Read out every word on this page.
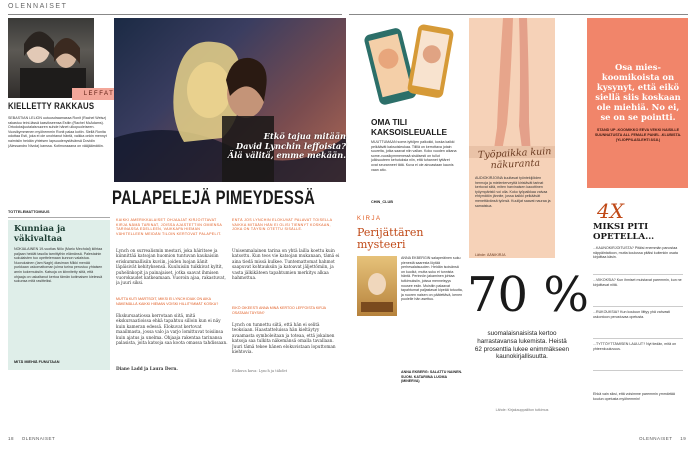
OLENNAISET
LEFFAT
KIELLETTY RAKKAUS
SEBASTIAN LELION uutuusdraamassa Ronit (Rachel Weisz) rakastuu teini-iässä kasvikseensa Estiin (Rachel McAdams). Ortodoksijuutalaisnuoren suhde hänet ulkopuoleiseen. Vuosikymmenen myöhemmin Ronit palaa kotiin. Siellä Ronita odottaa Esti, joka ei ole unohtanut häntä, vaikka onkin mennyt naimisiin heidän yhteisen lapsuudenystävänsä Dovidin (Alessandro Nivola) kanssa. Kotimoraaana on vääjäämätön.
TOTTELEMATTOMUUS
Kunniaa ja väkivaltaa
NOKIALAINEN 19-vuotias Niilo (Mario Mechdal) kiihtaa paljaan heidät tasolla tarnittyihin elämänsä. Palestainin sukulaisten tuo opettelemaan kunnon valaistua. Nuorukainen (Iam Nagh) diasiman Mikki menää purkkaan uskomattoman julma turina perustuu yhtaisen arnin kokemuksiin. Katsoja on kiinnitetty siitä, että ohjaaja on uskaltanut kertoa tämän kotimaisen kielessä sukunsa mitä rasitteiksi.
MITÄ MIEHIÄ FUNUTAAN
Etkö tajua mitään
David Lynchin leffoista?
Älä välitä, emme mekään.
PALAPELEJÄ PIMEYDESSÄ
KAIKKI AMERIKKALAISET OHJAAJAT KIRJOITTAVAT KIRJA NÄMÄ TARINAT, JOISSA AJASTETTIIN OMIENSA TARINASSA EDELLEEN, VAIKKAPA HIEMAN VÄHITELLEEN MEIDÄN TILOIN KERTOVAT PALAPELIT.
Lynch on surrealismin mestari, joka häiritsee ja kiinnittää katsojan huomion tuntuvan kaukaisiin eriskummallisiin kuviin, joiden luojan äänit läpäisivät kehityksensä. Kuuluisiin tuikkivat kyltit, puhelinkopit ja painajaiset, jotka saavat ihmisen vuorokaudet katkeamaan. Vuoroin ajaa, rakastuvat, ja juuri siksi.
MUTTA KUTI MARTSOIT, MIKSI EI LYNCH IDIAK ON AIKA NÄKEMÄLLÄ KAIKKI HIEMAN VOISKI HILLITYMMÄT KOSKA?
Ekskursaatiossa kerrotaan siitä, mitä ekskursaatioissa ehkä tapahtuu silloin kun ei näy kuin kameran edessä. Elokuvat kertovat maailmasta, jossa valo ja varjo lomittuvat toisiinsa kuin ajatus ja unelma. Ohjaaja rakentaa tarinansa palasista, joita katsoja saa koota omassa tahdissaan.
Diane Ladd ja Laura Dern.
ENTÄ JOS LYNCHIN ELOKUVAT PALAVAT TOISELLA VAIKKA MITÄÄN HÄN EI OLISI TIENNYT KOSKAAN, JOKA ON TÄYSIN OTETTU SISÄLLE.
Unisenmalainen tarina on yhtä lailla koettu kuin katsottu. Kun teos vie katsojan mukanaan, tämä ei aina tiedä missä kulkee. Tuntemattomat hahmot saapuvat kohtauksiin ja katoavat jäljettömiin, ja vasta jälkikäteen tapahtumien merkitys alkaa hahmottua.
EIKÖ OIKEESTI ANNA MINÄ KERTOO LEFFOISTA KIRJA OSATAAN TÄYSIN?
Lynch on tunnettu siitä, että hän ei selitä teoksiaan. Haastatteluissa hän kieltäytyy avaamasta symboleitaan ja toteaa, että jokainen katsoja saa tulkita näkemänsä omalla tavallaan. Juuri tämä tekee hänen elokuvistaan loputtoman kiehtovia.
Elokuva kuva: Lynch ja tähdet
18 OLENNAISET
OMA TILI KAKSOISLEUALLE
MUUTTUMAAN some-tyttöjen palkokki, koska kaikki pelkäävät kaksoisleukaa. Tilillä on kerrottava jotain suureita, jotka saavat niin vallan. Koko vuoden aikana some-vuosikymmenessä sisäisesti on tullut julkisuuteen kehutuksia niin, että tuhannet tyttäret ovat seuranneet tätä. Kuva ei ole ainoastaan kaunis vaan aito.
CHIN_CLUB
KIRJA
Perijättären mysteeri
ANNA EKBERGIN salaperäinen suku pienestä saaresta löytää perhesalaisuuden. Heidän isoisänsä on kuollut, mutta suku ei tunnista häntä. Perinnön jakaminen johtaa tutkimuksiin, joissa menneisyys nousee esiin. Muistiin palaavat tapahtumat paljastavat kipeää totuutta, ja nuoren naisen on päätettävä, kenen puolelle hän asettuu.
ANNA EKBERG: SALATTU NAINEN. SUOM. KATARIINA LUOMA (MINERVA)
Työpaikka kuin näkuranta
AUDIOKIRJOINA kuultavat työntekijöiden hermoja ja mielenterveyttä kiristävät tarinat kertovat siitä, miten harvinaisen kaoottinen työympäristö voi olla. Koko työpaikkaa vaivaa ehtymätön jännite, jossa kaikki pelkäävät menettävänsä työnsä. Kuulijat saavat nauraa ja samaistua.
Lähde: ÄÄNIKIRJA
70 %
suomalaisnaisista kertoo harrastavansa lukemista. Heistä 62 prosenttia lukee enimmäkseen kaunokirjallisuutta.
Lähde: Kirjakauppaliiton tutkimus
Osa mies-koomikoista on kysynyt, että eikö siellä siis koskaan ole miehiä. No ei, se on se pointti.
STAND UP -KOOMIKKO EEVA VEKKI NAISILLE SUUNNATUSTA ALL FEMALE PANEL -KLUBISTA. (YLIOPPILASLEHTI 8/18.)
4X
MIKSI PITI OPETELLA...
...KAUNOKIRJOITUSTA? Pitäisi enemmän panostaa näppäintaitoon, mutta koulussa pitäisi kuitenkin osata kirjoittaa käsin.
...VIIKOKSIA? Kun ihmiset muistavat paremmin, kun ne kirjoittavat niitä.
...RUKOUKSIA? Kun kouluun liittyy yhä vahvasti uskontoon perustuvaa opetusta.
...TYTTÖYTTÄMISEN LAULUT? Nyt tiedän, mitä on yhteenkuuluvuus.
Ehkä vain siksi, että voisimme paremmin ymmärtää koulun opetusta myöhemmin!
OLENNAISET 19
